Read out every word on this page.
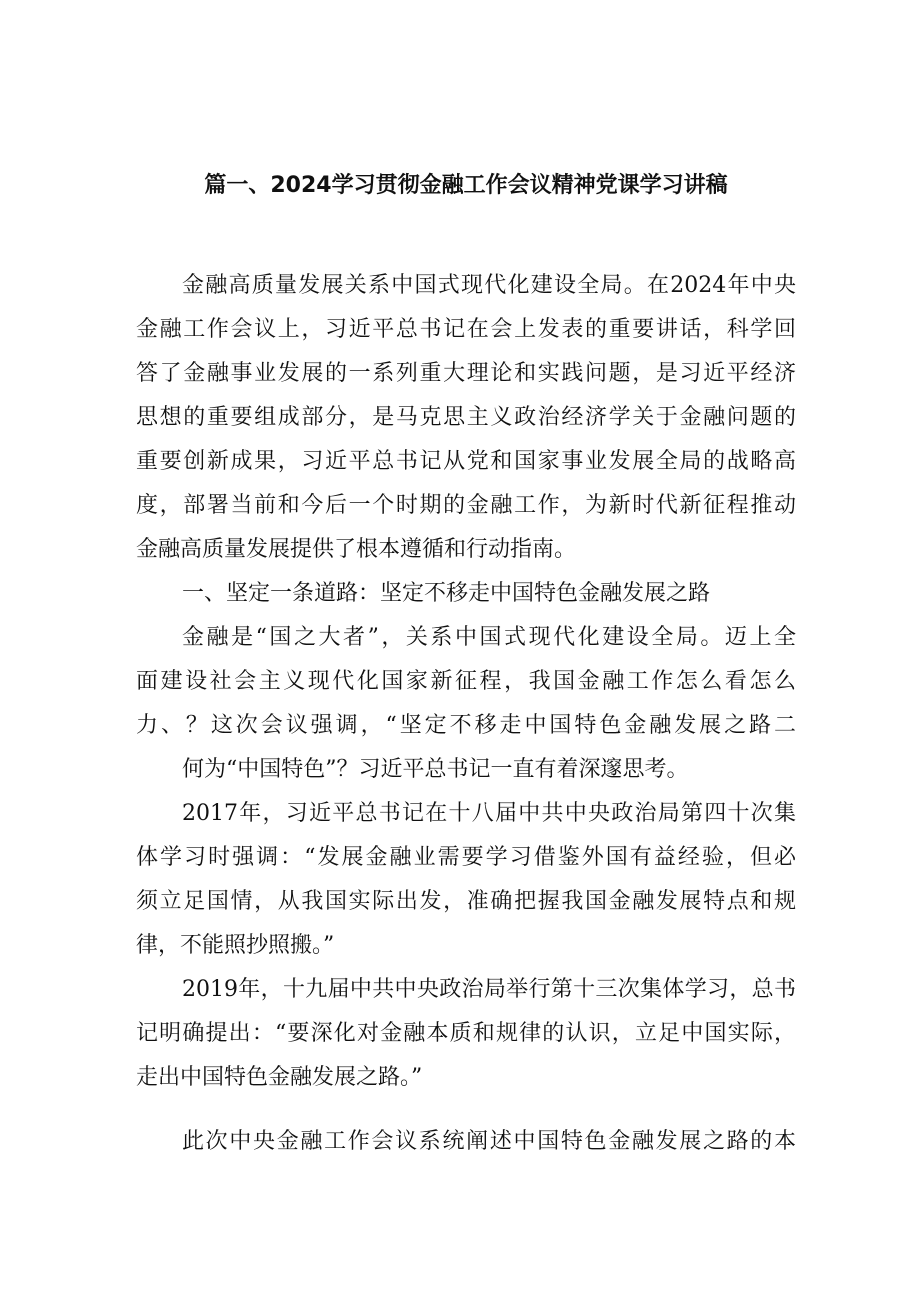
篇一、2024学习贯彻金融工作会议精神党课学习讲稿
金融高质量发展关系中国式现代化建设全局。在2024年中央
金融工作会议上，习近平总书记在会上发表的重要讲话，科学回
答了金融事业发展的一系列重大理论和实践问题，是习近平经济
思想的重要组成部分，是马克思主义政治经济学关于金融问题的
重要创新成果，习近平总书记从党和国家事业发展全局的战略高
度，部署当前和今后一个时期的金融工作，为新时代新征程推动
金融高质量发展提供了根本遵循和行动指南。
一、坚定一条道路：坚定不移走中国特色金融发展之路
金融是“国之大者”，关系中国式现代化建设全局。迈上全
面建设社会主义现代化国家新征程，我国金融工作怎么看怎么
力、？这次会议强调，“坚定不移走中国特色金融发展之路二
何为“中国特色”？习近平总书记一直有着深邃思考。
2017年，习近平总书记在十八届中共中央政治局第四十次集
体学习时强调：“发展金融业需要学习借鉴外国有益经验，但必
须立足国情，从我国实际出发，准确把握我国金融发展特点和规
律，不能照抄照搬。”
2019年，十九届中共中央政治局举行第十三次集体学习，总书
记明确提出：“要深化对金融本质和规律的认识，立足中国实际，
走出中国特色金融发展之路。”
此次中央金融工作会议系统阐述中国特色金融发展之路的本
